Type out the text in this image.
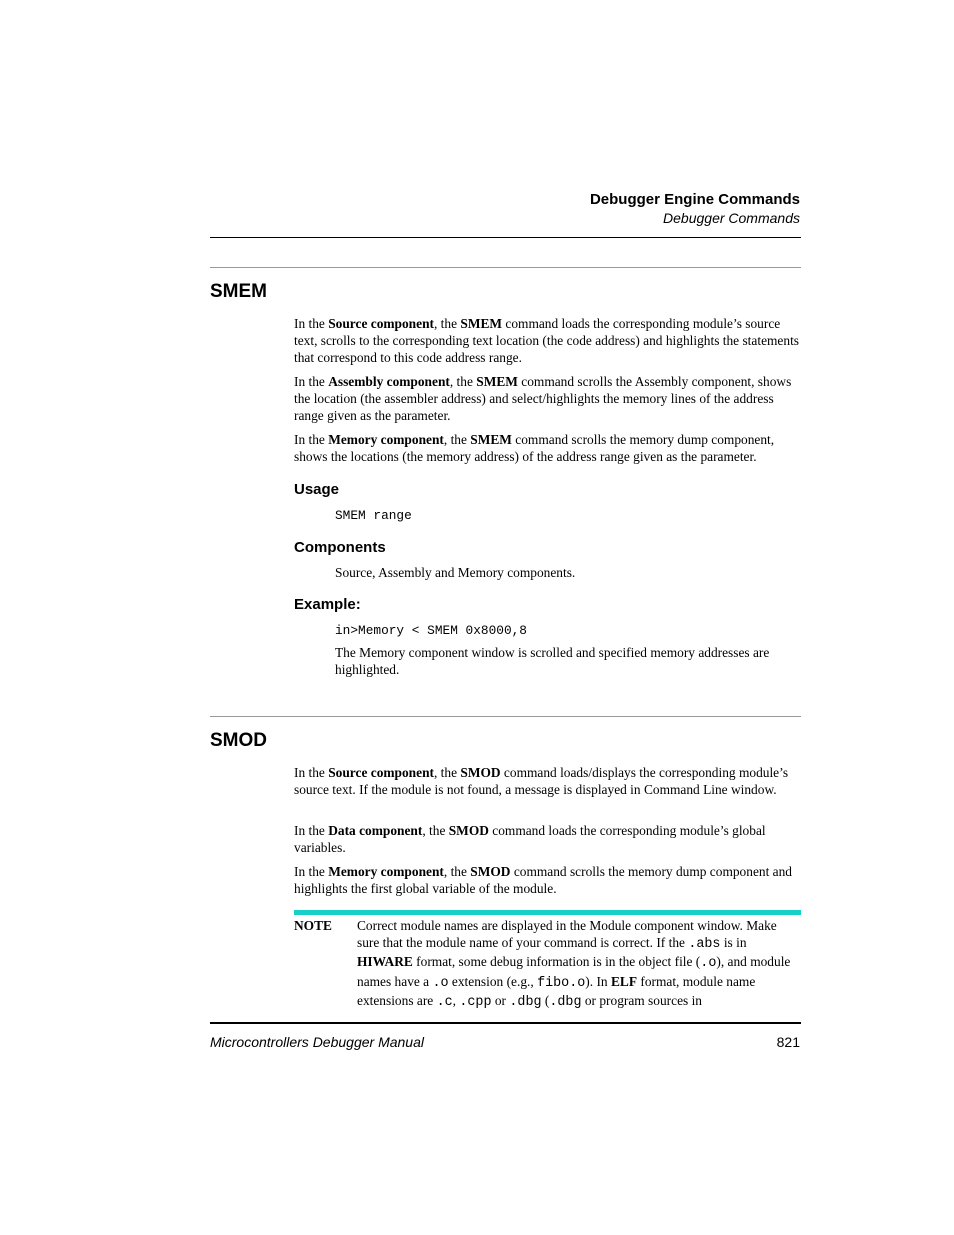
Debugger Engine Commands
Debugger Commands
SMEM
In the Source component, the SMEM command loads the corresponding module’s source text, scrolls to the corresponding text location (the code address) and highlights the statements that correspond to this code address range.
In the Assembly component, the SMEM command scrolls the Assembly component, shows the location (the assembler address) and select/highlights the memory lines of the address range given as the parameter.
In the Memory component, the SMEM command scrolls the memory dump component, shows the locations (the memory address) of the address range given as the parameter.
Usage
SMEM range
Components
Source, Assembly and Memory components.
Example:
in>Memory < SMEM 0x8000,8
The Memory component window is scrolled and specified memory addresses are highlighted.
SMOD
In the Source component, the SMOD command loads/displays the corresponding module’s source text. If the module is not found, a message is displayed in Command Line window.
In the Data component, the SMOD command loads the corresponding module’s global variables.
In the Memory component, the SMOD command scrolls the memory dump component and highlights the first global variable of the module.
NOTE Correct module names are displayed in the Module component window. Make sure that the module name of your command is correct. If the .abs is in HIWARE format, some debug information is in the object file (.o), and module names have a .o extension (e.g., fibo.o). In ELF format, module name extensions are .c, .cpp or .dbg (.dbg or program sources in
Microcontrollers Debugger Manual	821
